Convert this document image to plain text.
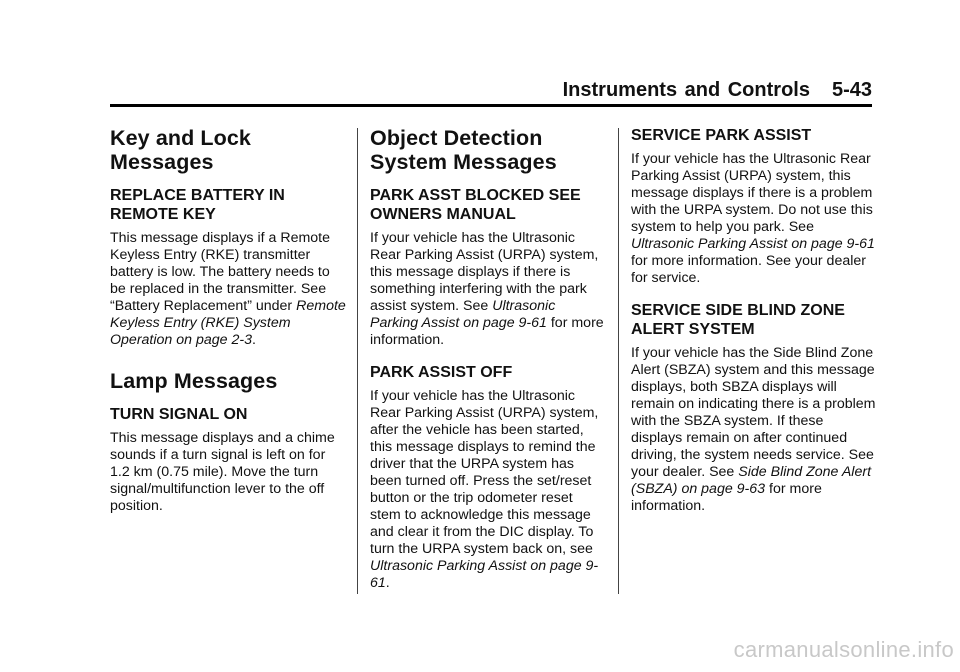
Instruments and Controls 5-43
Key and Lock Messages
REPLACE BATTERY IN REMOTE KEY

This message displays if a Remote Keyless Entry (RKE) transmitter battery is low. The battery needs to be replaced in the transmitter. See “Battery Replacement” under Remote Keyless Entry (RKE) System Operation on page 2-3.

Lamp Messages
TURN SIGNAL ON

This message displays and a chime sounds if a turn signal is left on for 1.2 km (0.75 mile). Move the turn signal/multifunction lever to the off position.

Object Detection System Messages
PARK ASST BLOCKED SEE OWNERS MANUAL

If your vehicle has the Ultrasonic Rear Parking Assist (URPA) system, this message displays if there is something interfering with the park assist system. See Ultrasonic Parking Assist on page 9-61 for more information.

PARK ASSIST OFF

If your vehicle has the Ultrasonic Rear Parking Assist (URPA) system, after the vehicle has been started, this message displays to remind the driver that the URPA system has been turned off. Press the set/reset button or the trip odometer reset stem to acknowledge this message and clear it from the DIC display. To turn the URPA system back on, see Ultrasonic Parking Assist on page 9-61.

SERVICE PARK ASSIST

If your vehicle has the Ultrasonic Rear Parking Assist (URPA) system, this message displays if there is a problem with the URPA system. Do not use this system to help you park. See Ultrasonic Parking Assist on page 9-61 for more information. See your dealer for service.

SERVICE SIDE BLIND ZONE ALERT SYSTEM

If your vehicle has the Side Blind Zone Alert (SBZA) system and this message displays, both SBZA displays will remain on indicating there is a problem with the SBZA system. If these displays remain on after continued driving, the system needs service. See your dealer. See Side Blind Zone Alert (SBZA) on page 9-63 for more information.

carmanualsonline.info
